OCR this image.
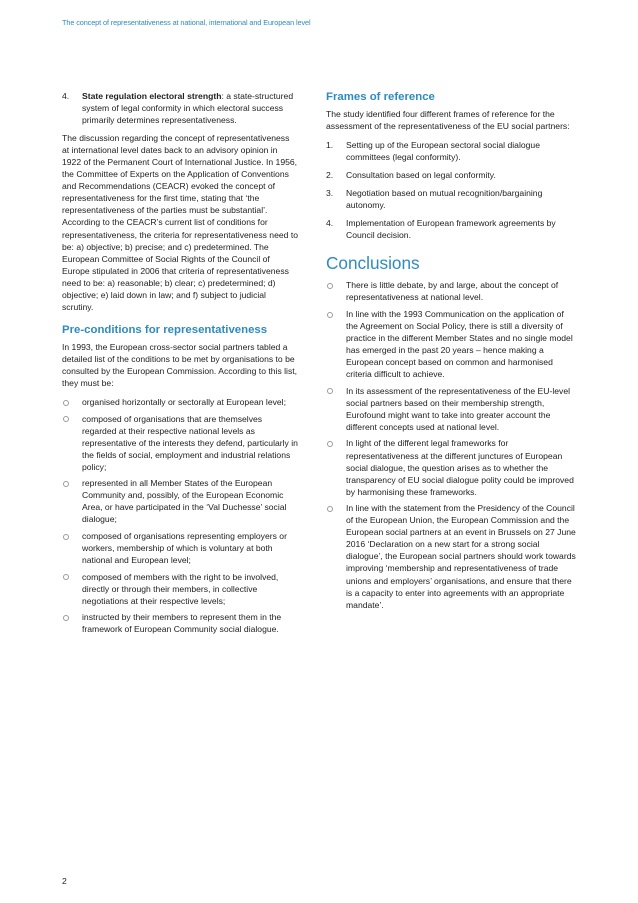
The concept of representativeness at national, international and European level
4. State regulation electoral strength: a state-structured system of legal conformity in which electoral success primarily determines representativeness.

The discussion regarding the concept of representativeness at international level dates back to an advisory opinion in 1922 of the Permanent Court of International Justice. In 1956, the Committee of Experts on the Application of Conventions and Recommendations (CEACR) evoked the concept of representativeness for the first time, stating that ‘the representativeness of the parties must be substantial’. According to the CEACR’s current list of conditions for representativeness, the criteria for representativeness need to be: a) objective; b) precise; and c) predetermined. The European Committee of Social Rights of the Council of Europe stipulated in 2006 that criteria of representativeness need to be: a) reasonable; b) clear; c) predetermined; d) objective; e) laid down in law; and f) subject to judicial scrutiny.

Pre-conditions for representativeness

In 1993, the European cross-sector social partners tabled a detailed list of the conditions to be met by organisations to be consulted by the European Commission. According to this list, they must be:

organised horizontally or sectorally at European level;
composed of organisations that are themselves regarded at their respective national levels as representative of the interests they defend, particularly in the fields of social, employment and industrial relations policy;
represented in all Member States of the European Community and, possibly, of the European Economic Area, or have participated in the ‘Val Duchesse’ social dialogue;
composed of organisations representing employers or workers, membership of which is voluntary at both national and European level;
composed of members with the right to be involved, directly or through their members, in collective negotiations at their respective levels;
instructed by their members to represent them in the framework of European Community social dialogue.
Frames of reference

The study identified four different frames of reference for the assessment of the representativeness of the EU social partners:

1. Setting up of the European sectoral social dialogue committees (legal conformity).
2. Consultation based on legal conformity.
3. Negotiation based on mutual recognition/bargaining autonomy.
4. Implementation of European framework agreements by Council decision.
Conclusions
There is little debate, by and large, about the concept of representativeness at national level.
In line with the 1993 Communication on the application of the Agreement on Social Policy, there is still a diversity of practice in the different Member States and no single model has emerged in the past 20 years – hence making a European concept based on common and harmonised criteria difficult to achieve.
In its assessment of the representativeness of the EU-level social partners based on their membership strength, Eurofound might want to take into greater account the different concepts used at national level.
In light of the different legal frameworks for representativeness at the different junctures of European social dialogue, the question arises as to whether the transparency of EU social dialogue polity could be improved by harmonising these frameworks.
In line with the statement from the Presidency of the Council of the European Union, the European Commission and the European social partners at an event in Brussels on 27 June 2016 ‘Declaration on a new start for a strong social dialogue’, the European social partners should work towards improving ‘membership and representativeness of trade unions and employers’ organisations, and ensure that there is a capacity to enter into agreements with an appropriate mandate’.
2
